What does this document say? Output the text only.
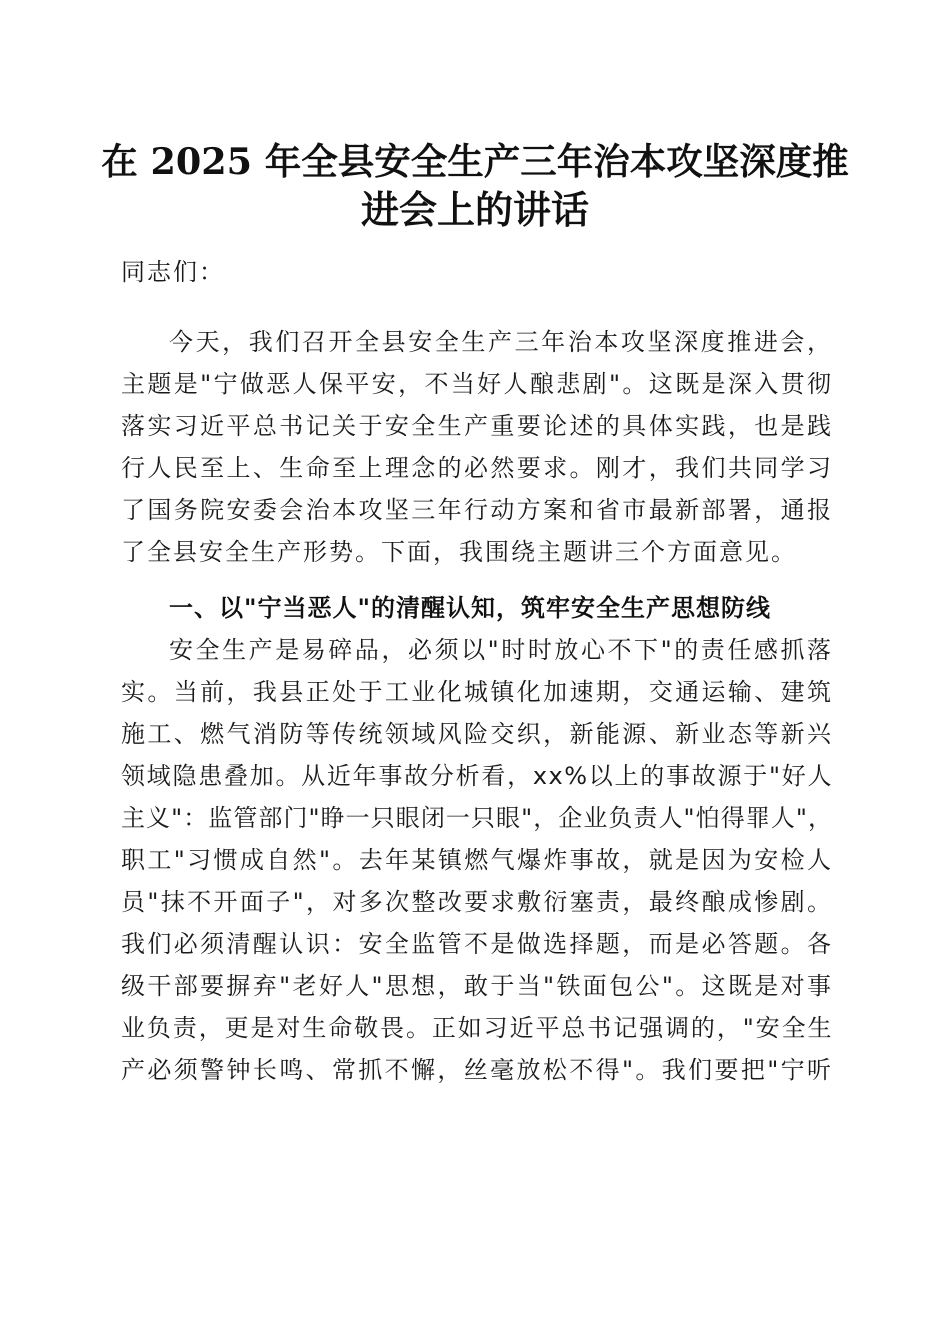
在 2025 年全县安全生产三年治本攻坚深度推
进会上的讲话

同志们：

今天，我们召开全县安全生产三年治本攻坚深度推进会，

主题是"宁做恶人保平安，不当好人酿悲剧"。这既是深入贯彻

落实习近平总书记关于安全生产重要论述的具体实践，也是践

行人民至上、生命至上理念的必然要求。刚才，我们共同学习

了国务院安委会治本攻坚三年行动方案和省市最新部署，通报

了全县安全生产形势。下面，我围绕主题讲三个方面意见。

一、以"宁当恶人"的清醒认知，筑牢安全生产思想防线

安全生产是易碎品，必须以"时时放心不下"的责任感抓落

实。当前，我县正处于工业化城镇化加速期，交通运输、建筑

施工、燃气消防等传统领域风险交织，新能源、新业态等新兴

领域隐患叠加。从近年事故分析看，xx%以上的事故源于"好人

主义"：监管部门"睁一只眼闭一只眼"，企业负责人"怕得罪人"，

职工"习惯成自然"。去年某镇燃气爆炸事故，就是因为安检人

员"抹不开面子"，对多次整改要求敷衍塞责，最终酿成惨剧。

我们必须清醒认识：安全监管不是做选择题，而是必答题。各

级干部要摒弃"老好人"思想，敢于当"铁面包公"。这既是对事

业负责，更是对生命敬畏。正如习近平总书记强调的，"安全生

产必须警钟长鸣、常抓不懈，丝毫放松不得"。我们要把"宁听
